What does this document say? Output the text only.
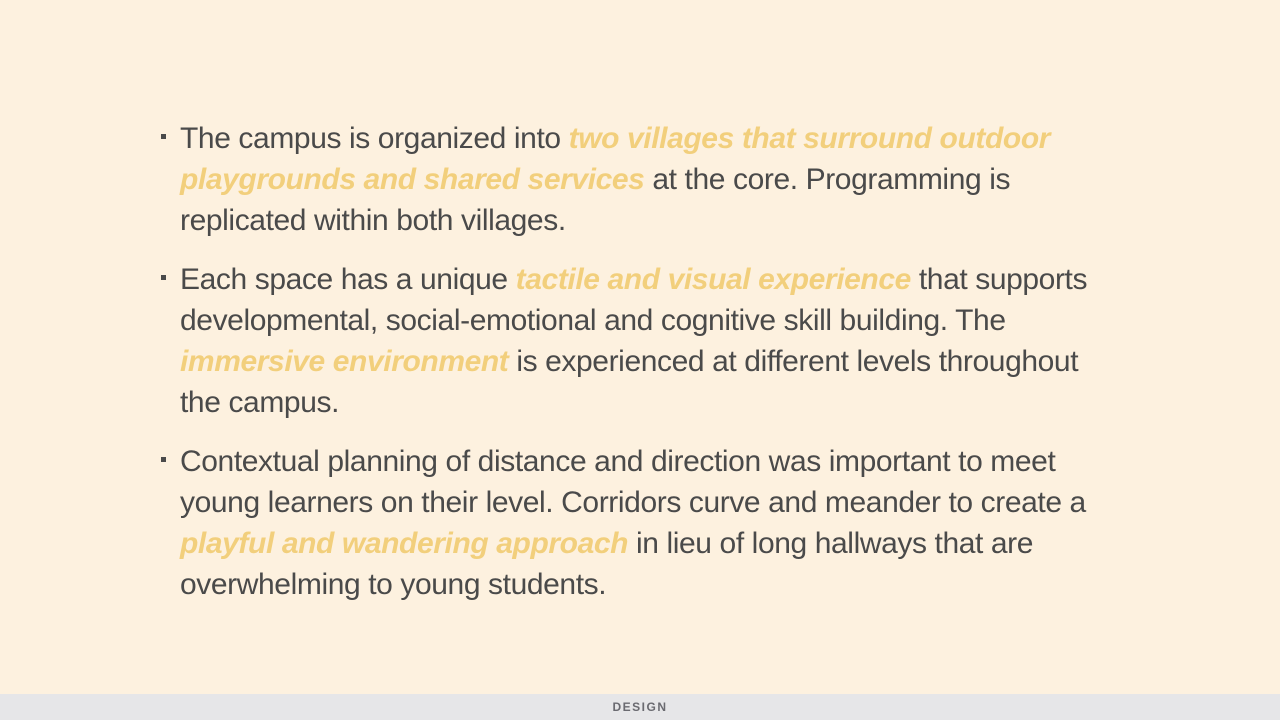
The campus is organized into two villages that surround outdoor playgrounds and shared services at the core. Programming is replicated within both villages.
Each space has a unique tactile and visual experience that supports developmental, social-emotional and cognitive skill building. The immersive environment is experienced at different levels throughout the campus.
Contextual planning of distance and direction was important to meet young learners on their level. Corridors curve and meander to create a playful and wandering approach in lieu of long hallways that are overwhelming to young students.
DESIGN
